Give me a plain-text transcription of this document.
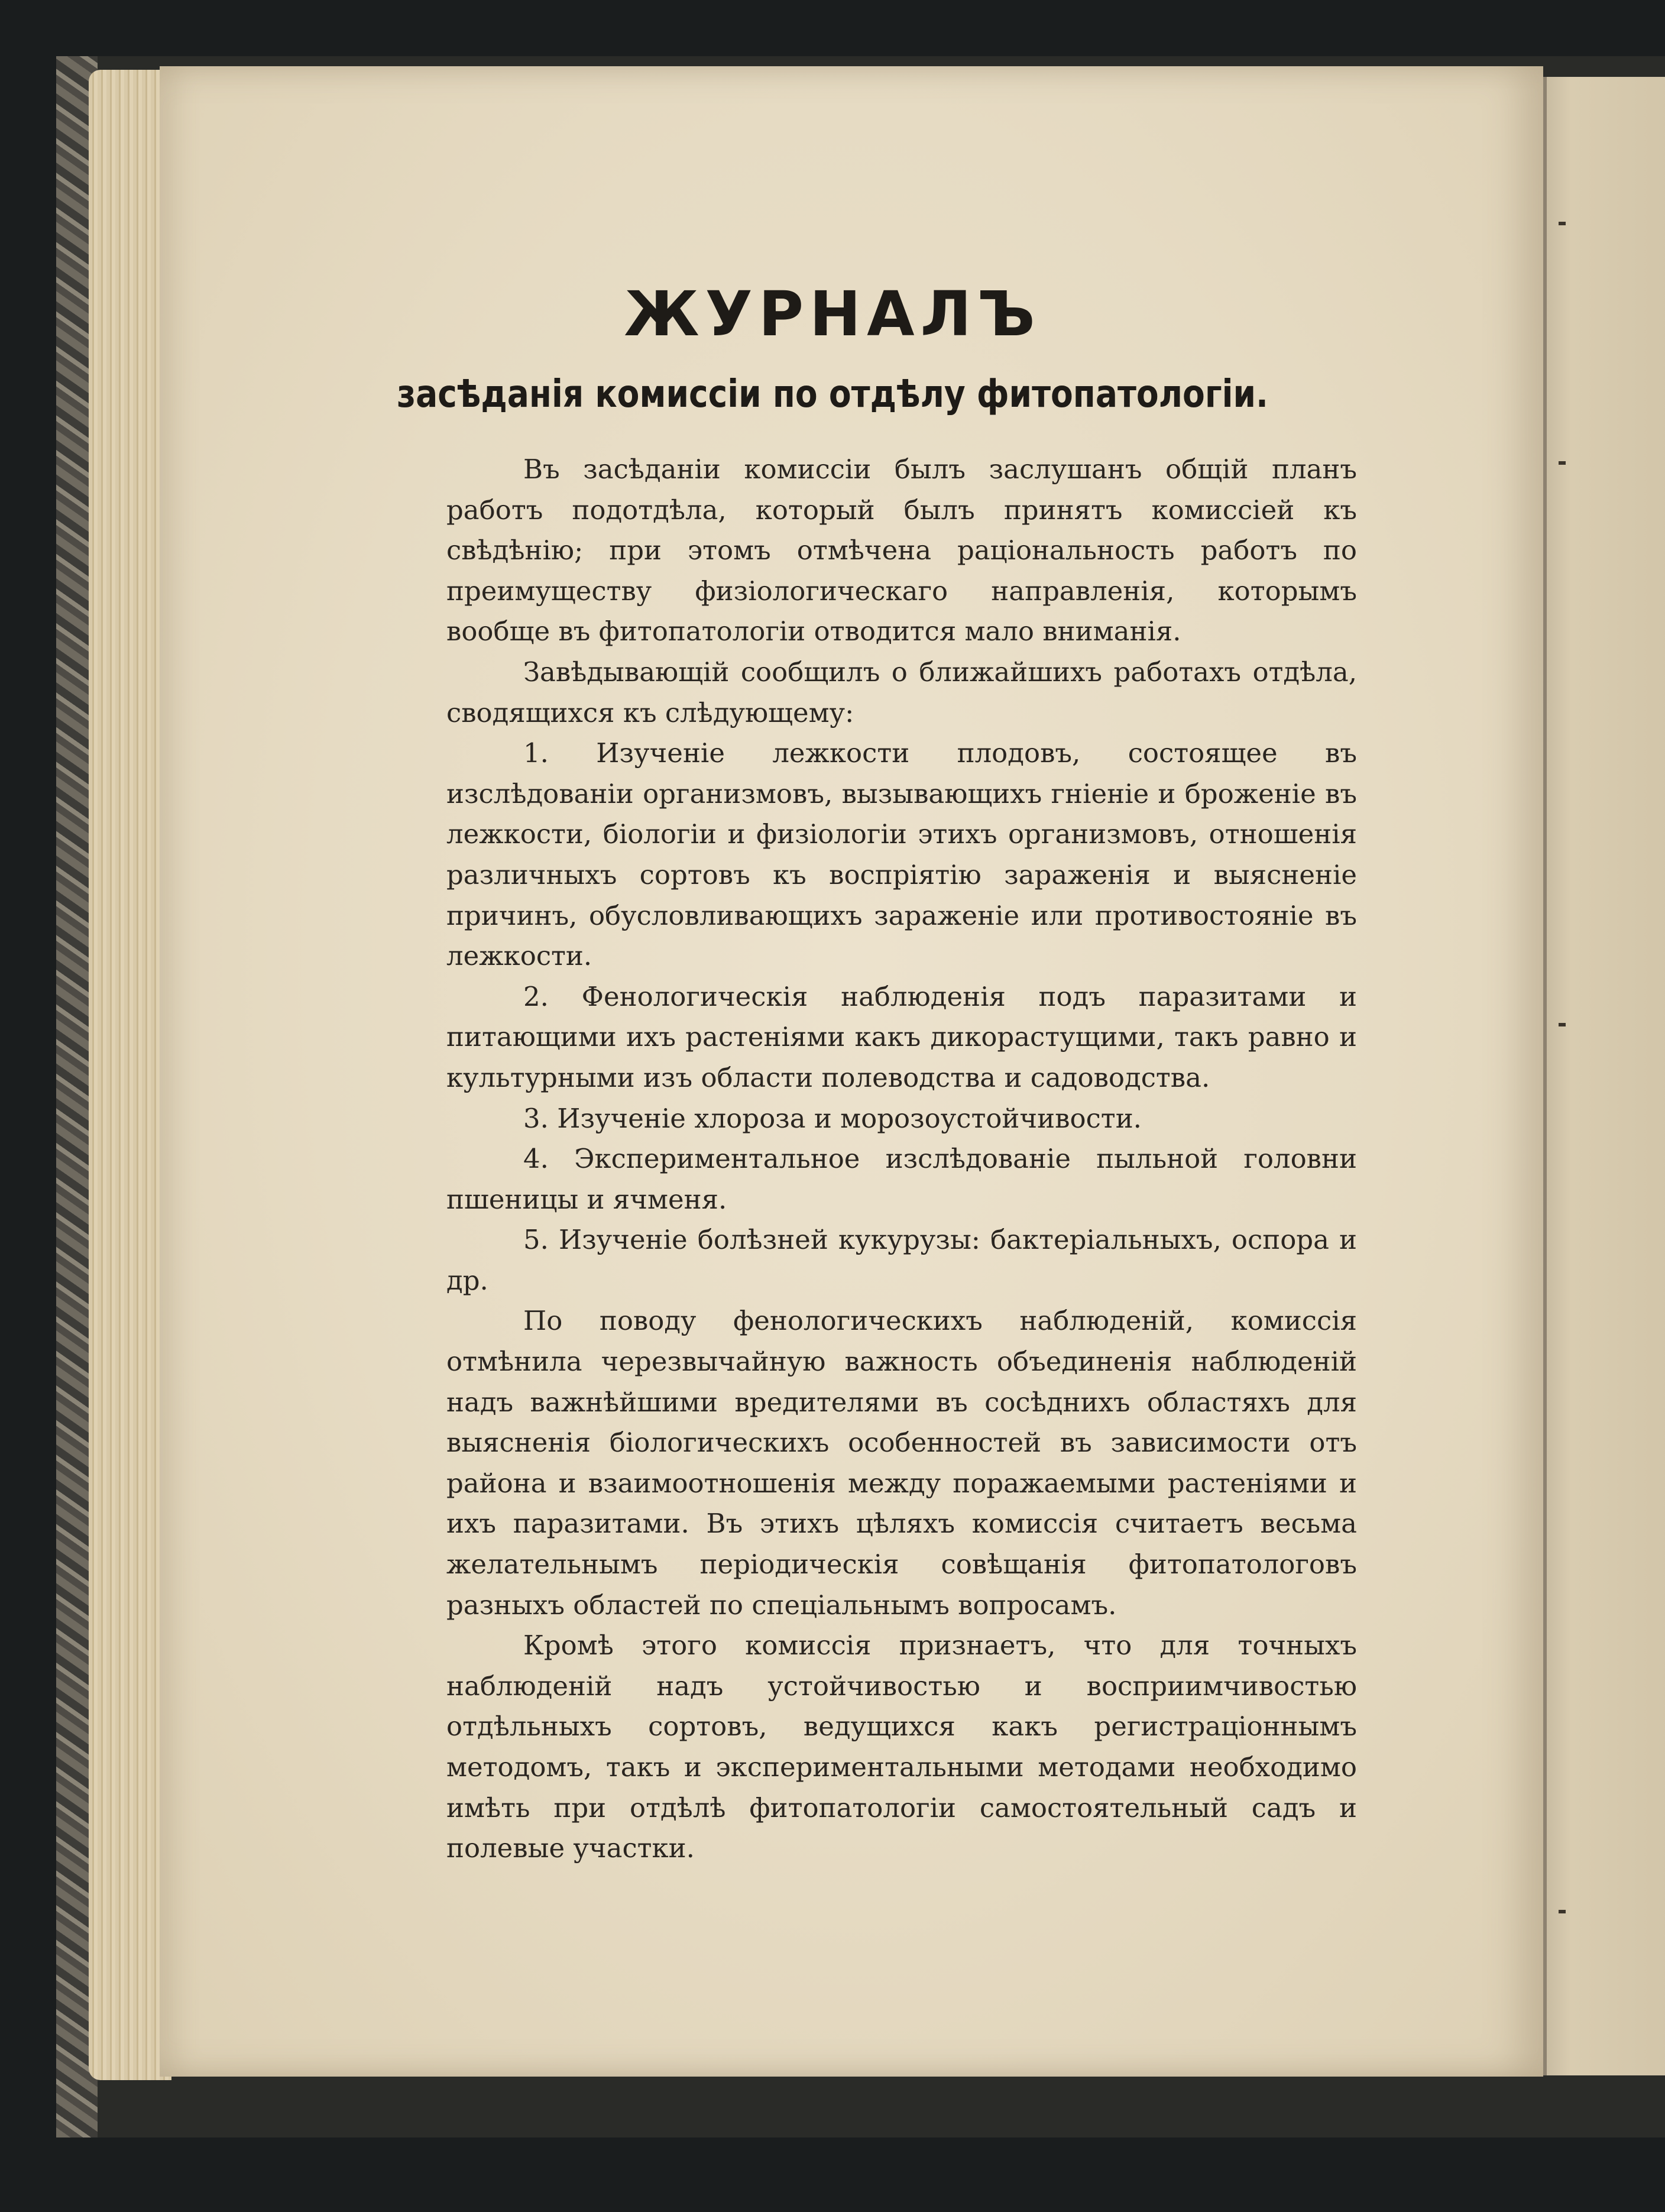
ЖУРНАЛЪ
засѣданія комиссіи по отдѣлу фитопатологіи.

Въ засѣданіи комиссіи былъ заслушанъ общій планъ работъ подотдѣла, который былъ принятъ комиссіей къ свѣдѣнію; при этомъ отмѣчена раціональность работъ по преимуществу физіологическаго направленія, которымъ вообще въ фитопатологіи отводится мало вниманія.

Завѣдывающій сообщилъ о ближайшихъ работахъ отдѣла, сводящихся къ слѣдующему:

1. Изученіе лежкости плодовъ, состоящее въ изслѣдованіи организмовъ, вызывающихъ гніеніе и броженіе въ лежкости, біологіи и физіологіи этихъ организмовъ, отношенія различныхъ сортовъ къ воспріятію зараженія и выясненіе причинъ, обусловливающихъ зараженіе или противостояніе въ лежкости.

2. Фенологическія наблюденія подъ паразитами и питающими ихъ растеніями какъ дикорастущими, такъ равно и культурными изъ области полеводства и садоводства.

3. Изученіе хлороза и морозоустойчивости.

4. Экспериментальное изслѣдованіе пыльной головни пшеницы и ячменя.

5. Изученіе болѣзней кукурузы: бактеріальныхъ, оспора и др.

По поводу фенологическихъ наблюденій, комиссія отмѣнила черезвычайную важность объединенія наблюденій надъ важнѣйшими вредителями въ сосѣднихъ областяхъ для выясненія біологическихъ особенностей въ зависимости отъ района и взаимоотношенія между поражаемыми растеніями и ихъ паразитами. Въ этихъ цѣляхъ комиссія считаетъ весьма желательнымъ періодическія совѣщанія фитопатологовъ разныхъ областей по спеціальнымъ вопросамъ.

Кромѣ этого комиссія признаетъ, что для точныхъ наблюденій надъ устойчивостью и восприимчивостью отдѣльныхъ сортовъ, ведущихся какъ регистраціоннымъ методомъ, такъ и экспериментальными методами необходимо имѣть при отдѣлѣ фитопатологіи самостоятельный садъ и полевые участки.
